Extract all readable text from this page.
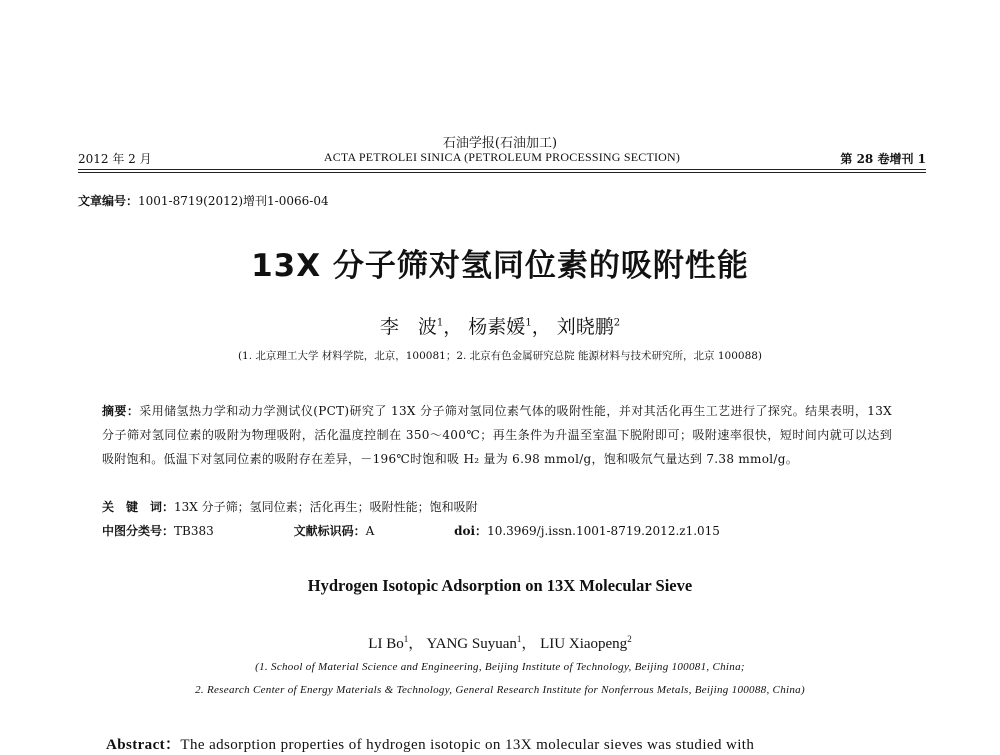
石油学报(石油加工)
2012 年 2 月	ACTA PETROLEI SINICA (PETROLEUM PROCESSING SECTION)	第 28 卷增刊 1
文章编号：1001-8719(2012)增刊1-0066-04
13X 分子筛对氢同位素的吸附性能
李　波$^1$， 杨素媛$^1$， 刘晓鹏$^2$
(1. 北京理工大学 材料学院，北京，100081；2. 北京有色金属研究总院 能源材料与技术研究所，北京 100088)
摘要：采用储氢热力学和动力学测试仪(PCT)研究了 13X 分子筛对氢同位素气体的吸附性能，并对其活化再生工艺进行了探究。结果表明，13X 分子筛对氢同位素的吸附为物理吸附，活化温度控制在 350～400℃；再生条件为升温至室温下脱附即可；吸附速率很快，短时间内就可以达到吸附饱和。低温下对氢同位素的吸附存在差异，－196℃时饱和吸 H₂ 量为 6.98 mmol/g，饱和吸氘气量达到 7.38 mmol/g。
关　键　词：13X 分子筛；氢同位素；活化再生；吸附性能；饱和吸附
中图分类号：TB383	文献标识码：A	doi：10.3969/j.issn.1001-8719.2012.z1.015
Hydrogen Isotopic Adsorption on 13X Molecular Sieve
LI Bo$^1$， YANG Suyuan$^1$， LIU Xiaopeng$^2$
(1. School of Material Science and Engineering, Beijing Institute of Technology, Beijing 100081, China;
2. Research Center of Energy Materials & Technology, General Research Institute for Nonferrous Metals, Beijing 100088, China)
Abstract：The adsorption properties of hydrogen isotopic on 13X molecular sieves was studied with
